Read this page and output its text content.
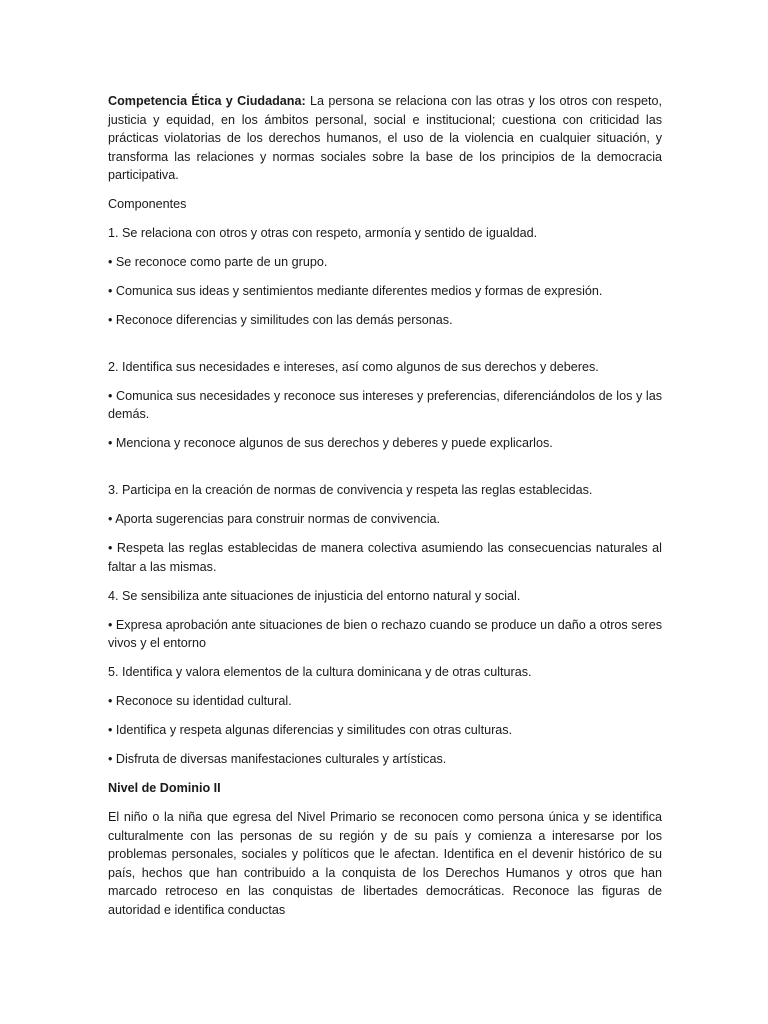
Competencia Ética y Ciudadana: La persona se relaciona con las otras y los otros con respeto, justicia y equidad, en los ámbitos personal, social e institucional; cuestiona con criticidad las prácticas violatorias de los derechos humanos, el uso de la violencia en cualquier situación, y transforma las relaciones y normas sociales sobre la base de los principios de la democracia participativa.

Componentes

1. Se relaciona con otros y otras con respeto, armonía y sentido de igualdad.

• Se reconoce como parte de un grupo.

• Comunica sus ideas y sentimientos mediante diferentes medios y formas de expresión.

• Reconoce diferencias y similitudes con las demás personas.

2. Identifica sus necesidades e intereses, así como algunos de sus derechos y deberes.

• Comunica sus necesidades y reconoce sus intereses y preferencias, diferenciándolos de los y las demás.

• Menciona y reconoce algunos de sus derechos y deberes y puede explicarlos.

3. Participa en la creación de normas de convivencia y respeta las reglas establecidas.

• Aporta sugerencias para construir normas de convivencia.

• Respeta las reglas establecidas de manera colectiva asumiendo las consecuencias naturales al faltar a las mismas.

4. Se sensibiliza ante situaciones de injusticia del entorno natural y social.

• Expresa aprobación ante situaciones de bien o rechazo cuando se produce un daño a otros seres vivos y el entorno

5. Identifica y valora elementos de la cultura dominicana y de otras culturas.

• Reconoce su identidad cultural.

• Identifica y respeta algunas diferencias y similitudes con otras culturas.

• Disfruta de diversas manifestaciones culturales y artísticas.

Nivel de Dominio II

El niño o la niña que egresa del Nivel Primario se reconocen como persona única y se identifica culturalmente con las personas de su región y de su país y comienza a interesarse por los problemas personales, sociales y políticos que le afectan. Identifica en el devenir histórico de su país, hechos que han contribuido a la conquista de los Derechos Humanos y otros que han marcado retroceso en las conquistas de libertades democráticas. Reconoce las figuras de autoridad e identifica conductas
